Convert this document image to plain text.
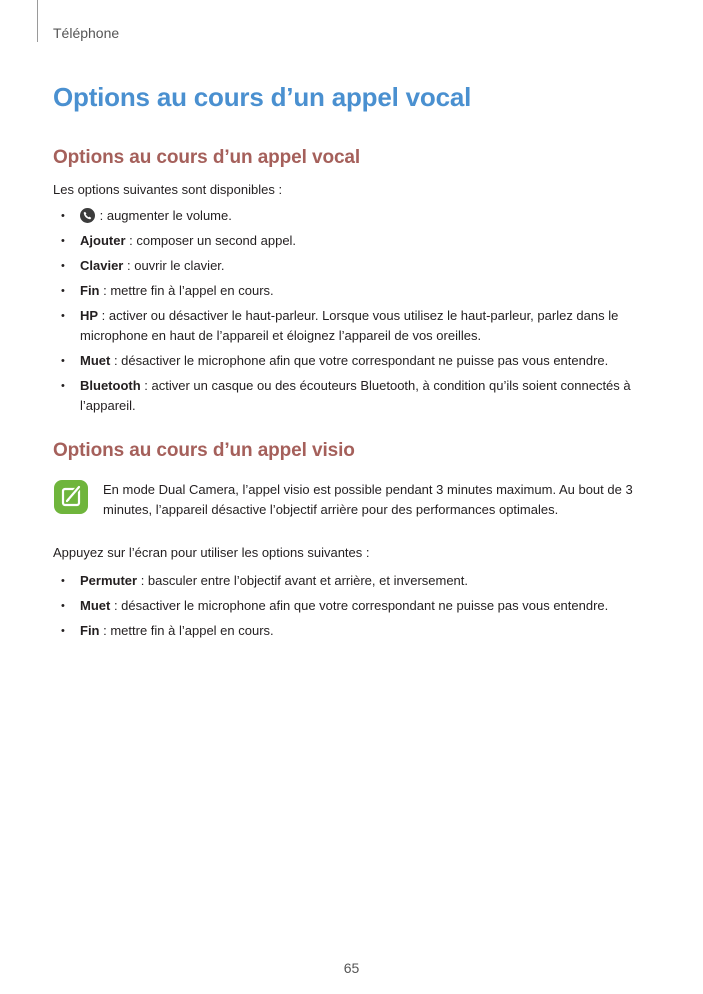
Téléphone
Options au cours d’un appel vocal
Options au cours d’un appel vocal

Les options suivantes sont disponibles :

• : augmenter le volume.
• Ajouter : composer un second appel.
• Clavier : ouvrir le clavier.
• Fin : mettre fin à l’appel en cours.
• HP : activer ou désactiver le haut-parleur. Lorsque vous utilisez le haut-parleur, parlez dans le microphone en haut de l’appareil et éloignez l’appareil de vos oreilles.
• Muet : désactiver le microphone afin que votre correspondant ne puisse pas vous entendre.
• Bluetooth : activer un casque ou des écouteurs Bluetooth, à condition qu’ils soient connectés à l’appareil.
Options au cours d’un appel visio

En mode Dual Camera, l’appel visio est possible pendant 3 minutes maximum. Au bout de 3 minutes, l’appareil désactive l’objectif arrière pour des performances optimales.

Appuyez sur l’écran pour utiliser les options suivantes :

• Permuter : basculer entre l’objectif avant et arrière, et inversement.
• Muet : désactiver le microphone afin que votre correspondant ne puisse pas vous entendre.
• Fin : mettre fin à l’appel en cours.
65
